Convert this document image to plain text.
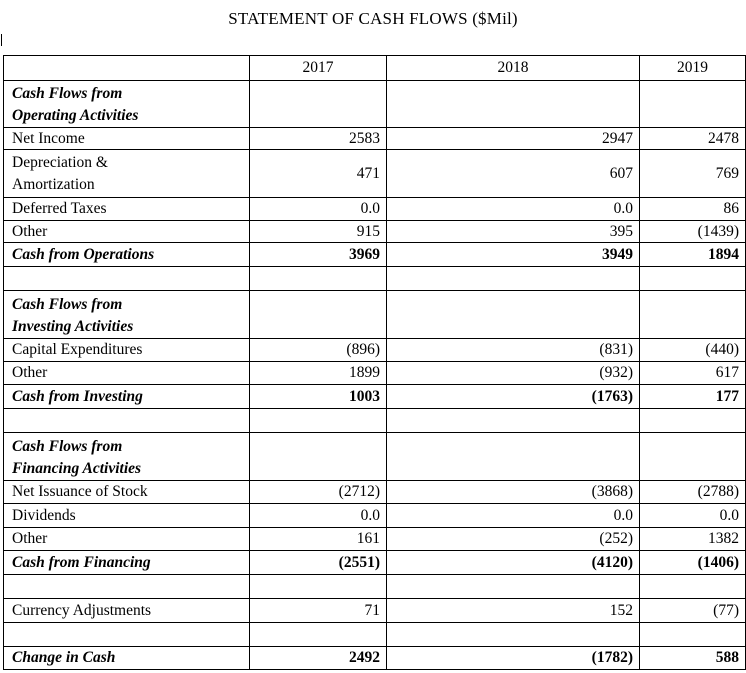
STATEMENT OF CASH FLOWS ($Mil)
	2017	2018	2019

Cash Flows from
Operating Activities			

Net Income	2583	2947	2478

Depreciation &
Amortization	471	607	769
Deferred Taxes	0.0	0.0	86
Other	915	395	(1439)
Cash from Operations	3969	3949	1894

Cash Flows from
Investing Activities			

Capital Expenditures	(896)	(831)	(440)
Other	1899	(932)	617
Cash from Investing	1003	(1763)	177

Cash Flows from
Financing Activities			

Net Issuance of Stock	(2712)	(3868)	(2788)
Dividends	0.0	0.0	0.0
Other	161	(252)	1382
Cash from Financing	(2551)	(4120)	(1406)

Currency Adjustments	71	152	(77)

Change in Cash	2492	(1782)	588
